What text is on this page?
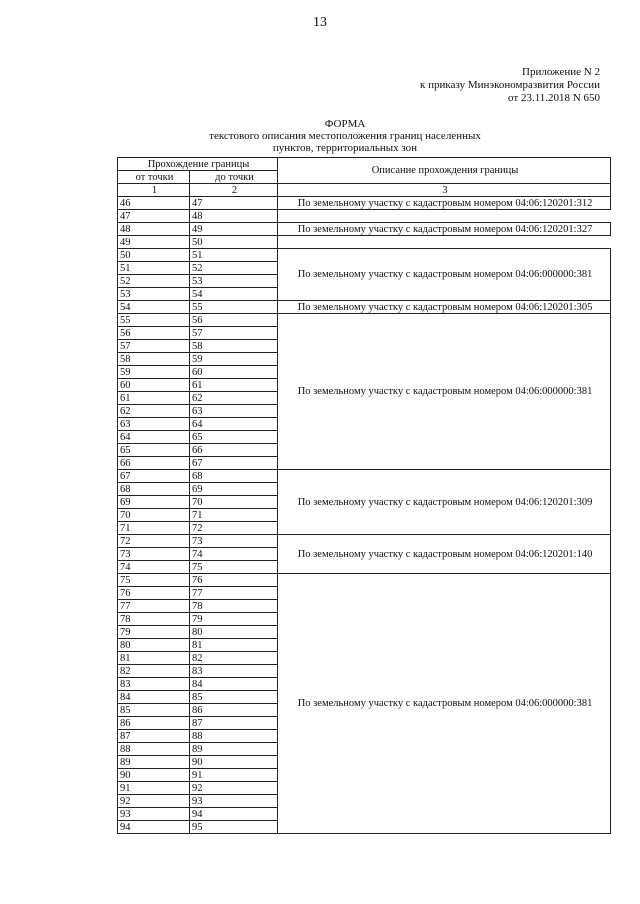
13
Приложение N 2
к приказу Минэкономразвития России
от 23.11.2018 N 650
ФОРМА
текстового описания местоположения границ населенных
пунктов, территориальных зон
Прохождение границы		Описание прохождения границы
от точки	до точки	
1	2	3
46	47	По земельному участку с кадастровым номером 04:06:120201:312
47	48	
48	49	По земельному участку с кадастровым номером 04:06:120201:327
49	50	
50	51	По земельному участку с кадастровым номером 04:06:000000:381
51	52	
52	53	
53	54	
54	55	По земельному участку с кадастровым номером 04:06:120201:305
55	56	По земельному участку с кадастровым номером 04:06:000000:381
56	57	
57	58	
58	59	
59	60	
60	61	
61	62	
62	63	
63	64	
64	65	
65	66	
66	67	
67	68	По земельному участку с кадастровым номером 04:06:120201:309
68	69	
69	70	
70	71	
71	72	
72	73	По земельному участку с кадастровым номером 04:06:120201:140
73	74	
74	75	
75	76	По земельному участку с кадастровым номером 04:06:000000:381
76	77	
77	78	
78	79	
79	80	
80	81	
81	82	
82	83	
83	84	
84	85	
85	86	
86	87	
87	88	
88	89	
89	90	
90	91	
91	92	
92	93	
93	94	
94	95	
